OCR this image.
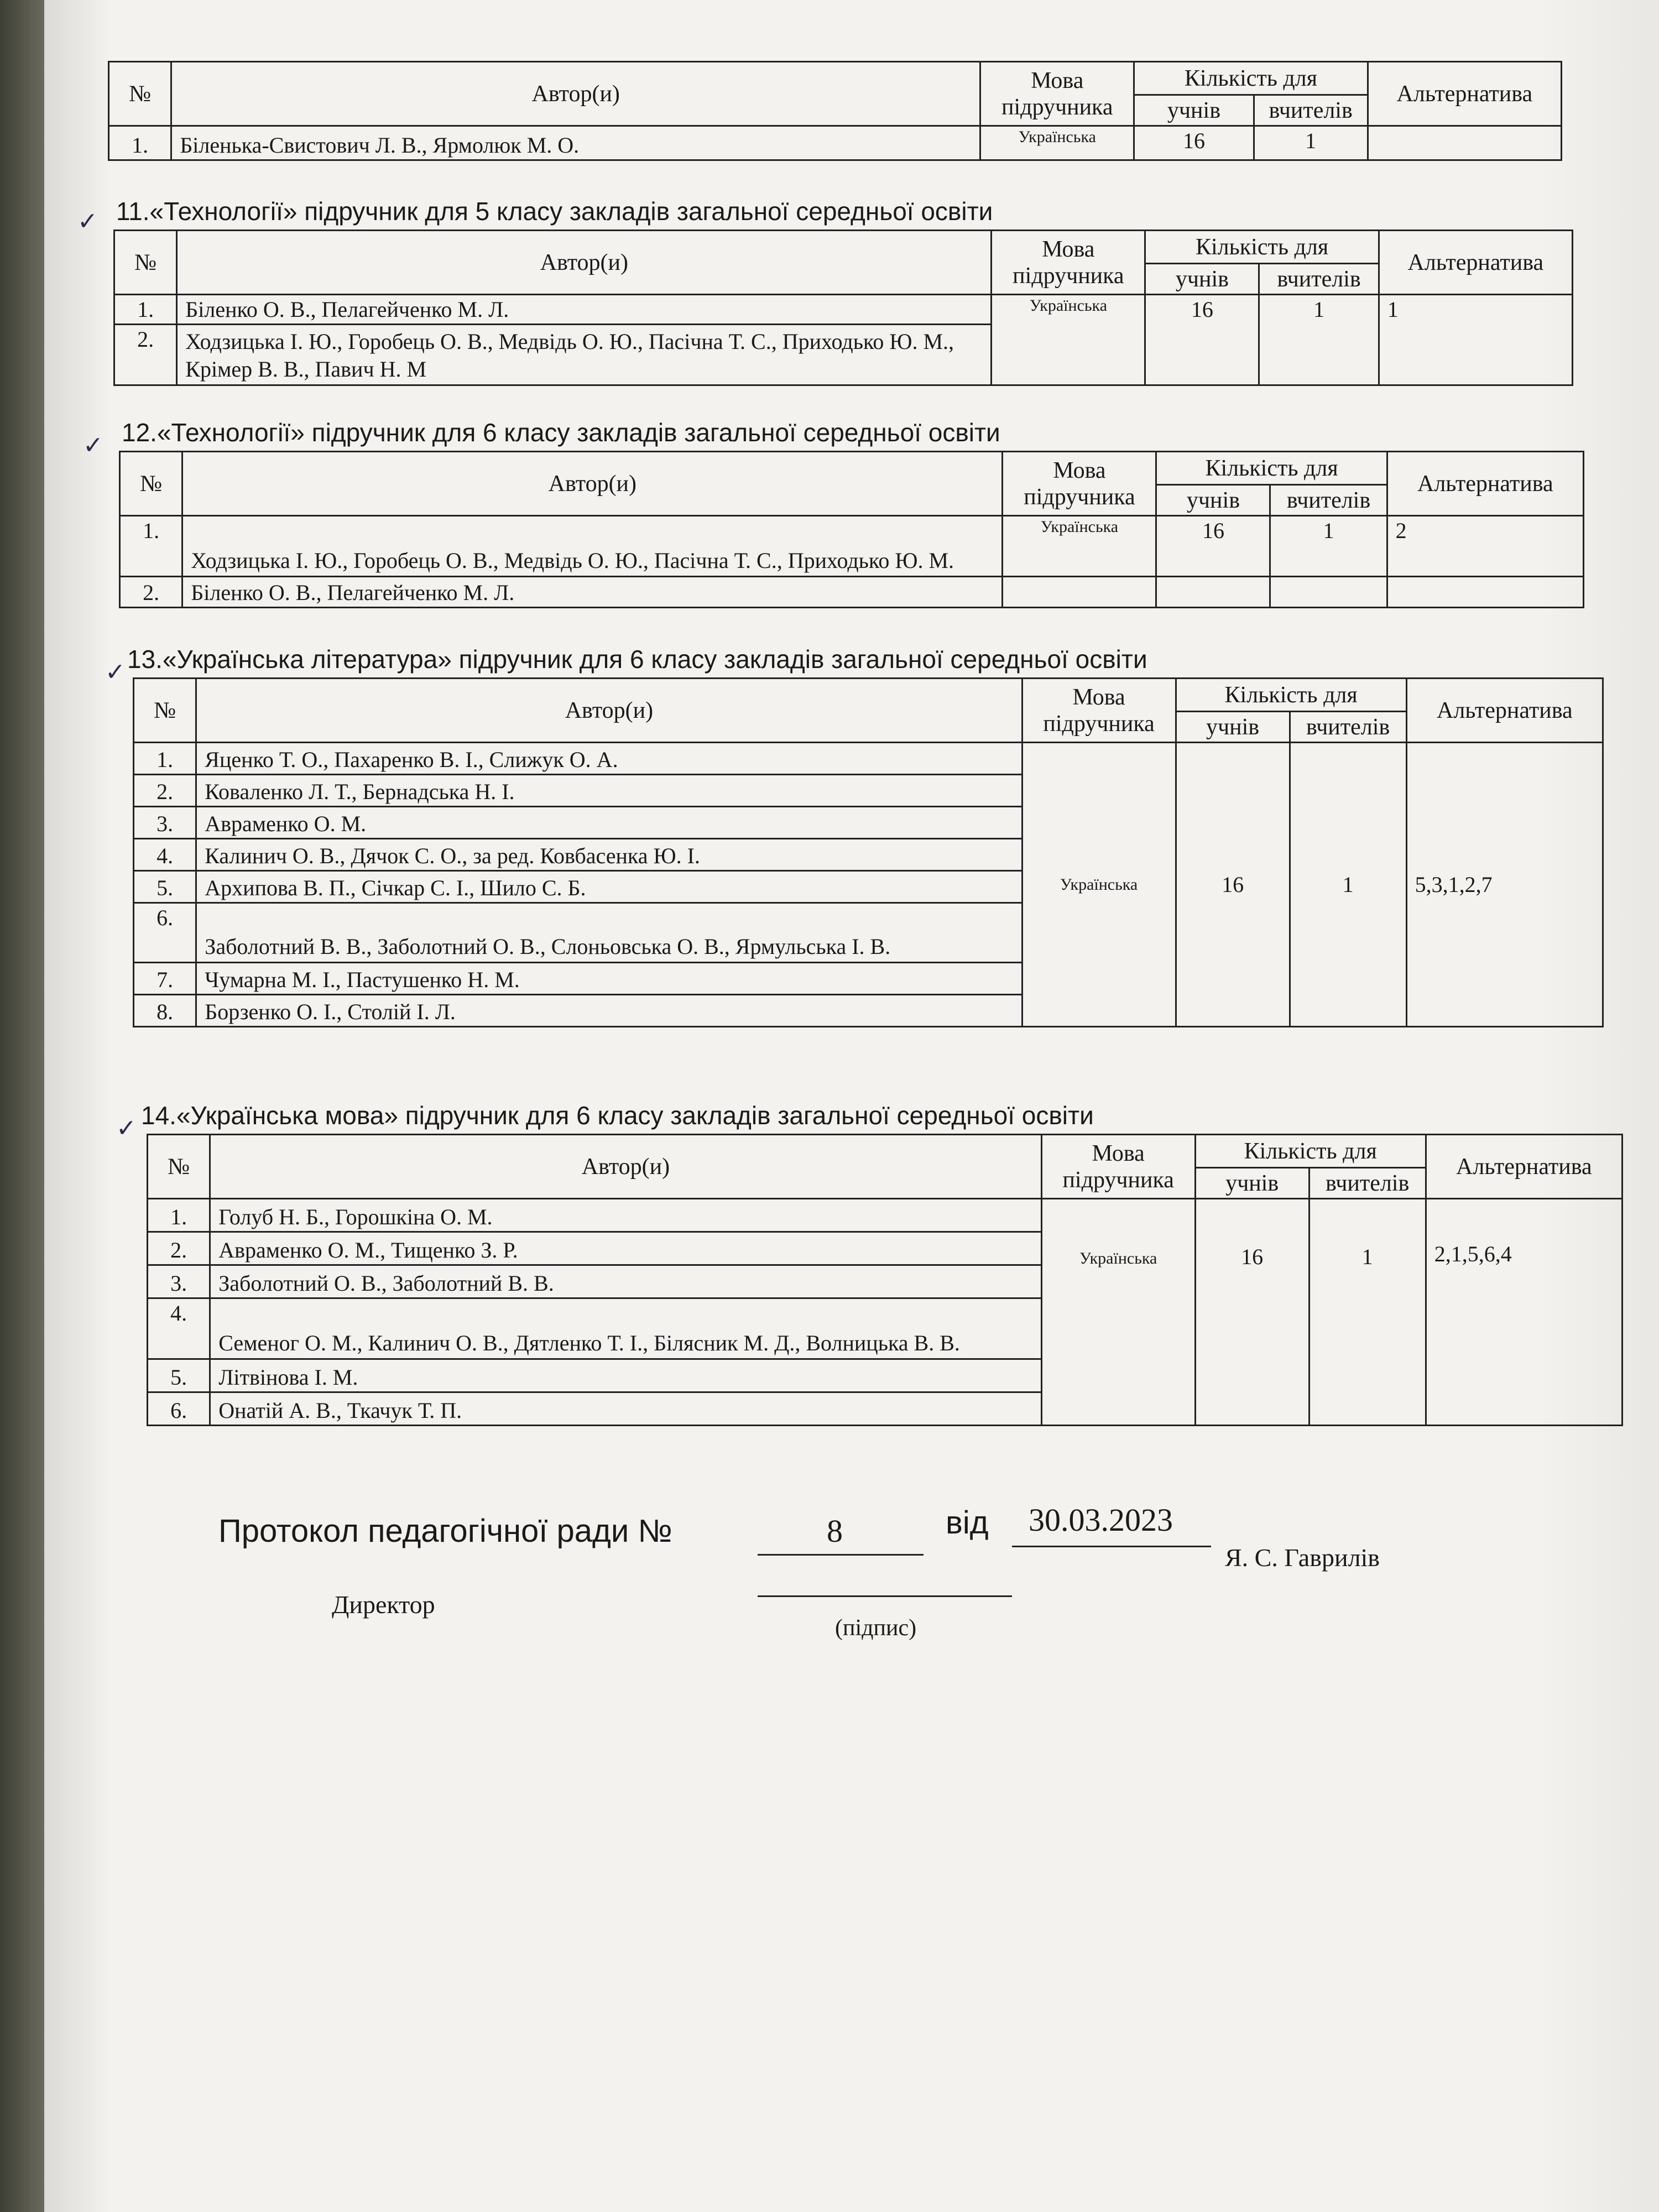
№	Автор(и)	Мова підручника	Кількість для		Альтернатива
			учнів	вчителів	
1.	Біленька-Свистович Л. В., Ярмолюк М. О.	Українська	16	1	
✓ 11.«Технології» підручник для 5 класу закладів загальної середньої освіти
№	Автор(и)	Мова підручника	Кількість для		Альтернатива
			учнів	вчителів	
1.	Біленко О. В., Пелагейченко М. Л.	Українська	16	1	1
2.	Ходзицька І. Ю., Горобець О. В., Медвідь О. Ю., Пасічна Т. С., Приходько Ю. М., Крімер В. В., Павич Н. М				
✓ 12.«Технології» підручник для 6 класу закладів загальної середньої освіти
№	Автор(и)	Мова підручника	Кількість для		Альтернатива
			учнів	вчителів	
1.	Ходзицька І. Ю., Горобець О. В., Медвідь О. Ю., Пасічна Т. С., Приходько Ю. М.	Українська	16	1	2
2.	Біленко О. В., Пелагейченко М. Л.				
✓ 13.«Українська література» підручник для 6 класу закладів загальної середньої освіти
№	Автор(и)	Мова підручника	Кількість для		Альтернатива
			учнів	вчителів	
1.	Яценко Т. О., Пахаренко В. І., Слижук О. А.	Українська	16	1	5,3,1,2,7
2.	Коваленко Л. Т., Бернадська Н. І.				
3.	Авраменко О. М.				
4.	Калинич О. В., Дячок С. О., за ред. Ковбасенка Ю. І.				
5.	Архипова В. П., Січкар С. І., Шило С. Б.				
6.	Заболотний В. В., Заболотний О. В., Слоньовська О. В., Ярмульська І. В.				
7.	Чумарна М. І., Пастушенко Н. М.				
8.	Борзенко О. І., Столій І. Л.				
✓ 14.«Українська мова» підручник для 6 класу закладів загальної середньої освіти
№	Автор(и)	Мова підручника	Кількість для		Альтернатива
			учнів	вчителів	
1.	Голуб Н. Б., Горошкіна О. М.	Українська	16	1	2,1,5,6,4
2.	Авраменко О. М., Тищенко З. Р.				
3.	Заболотний О. В., Заболотний В. В.				
4.	Семеног О. М., Калинич О. В., Дятленко Т. І., Білясник М. Д., Волницька В. В.				
5.	Літвінова І. М.				
6.	Онатій А. В., Ткачук Т. П.				
Протокол педагогічної ради №	8	від 30.03.2023
Я. С. Гаврилів
Директор
(підпис)
